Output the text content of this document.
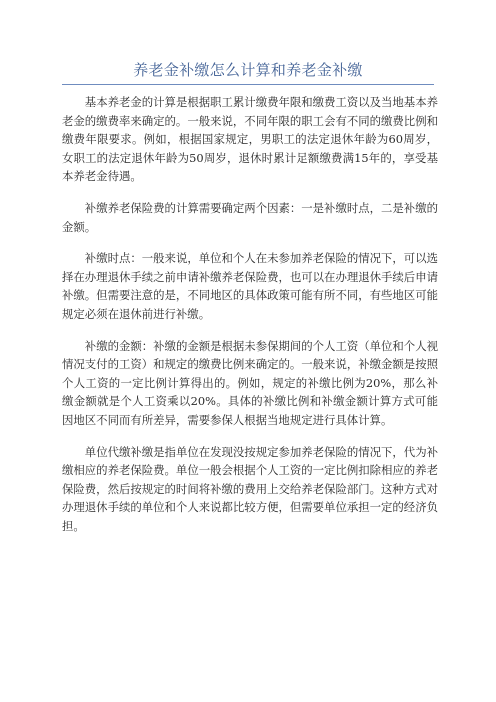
养老金补缴怎么计算和养老金补缴

基本养老金的计算是根据职工累计缴费年限和缴费工资以及当地基本养老金的缴费率来确定的。一般来说，不同年限的职工会有不同的缴费比例和缴费年限要求。例如，根据国家规定，男职工的法定退休年龄为60周岁，女职工的法定退休年龄为50周岁，退休时累计足额缴费满15年的，享受基本养老金待遇。

补缴养老保险费的计算需要确定两个因素：一是补缴时点，二是补缴的金额。

补缴时点：一般来说，单位和个人在未参加养老保险的情况下，可以选择在办理退休手续之前申请补缴养老保险费，也可以在办理退休手续后申请补缴。但需要注意的是，不同地区的具体政策可能有所不同，有些地区可能规定必须在退休前进行补缴。

补缴的金额：补缴的金额是根据未参保期间的个人工资（单位和个人视情况支付的工资）和规定的缴费比例来确定的。一般来说，补缴金额是按照个人工资的一定比例计算得出的。例如，规定的补缴比例为20%，那么补缴金额就是个人工资乘以20%。具体的补缴比例和补缴金额计算方式可能因地区不同而有所差异，需要参保人根据当地规定进行具体计算。

单位代缴补缴是指单位在发现没按规定参加养老保险的情况下，代为补缴相应的养老保险费。单位一般会根据个人工资的一定比例扣除相应的养老保险费，然后按规定的时间将补缴的费用上交给养老保险部门。这种方式对办理退休手续的单位和个人来说都比较方便，但需要单位承担一定的经济负担。
